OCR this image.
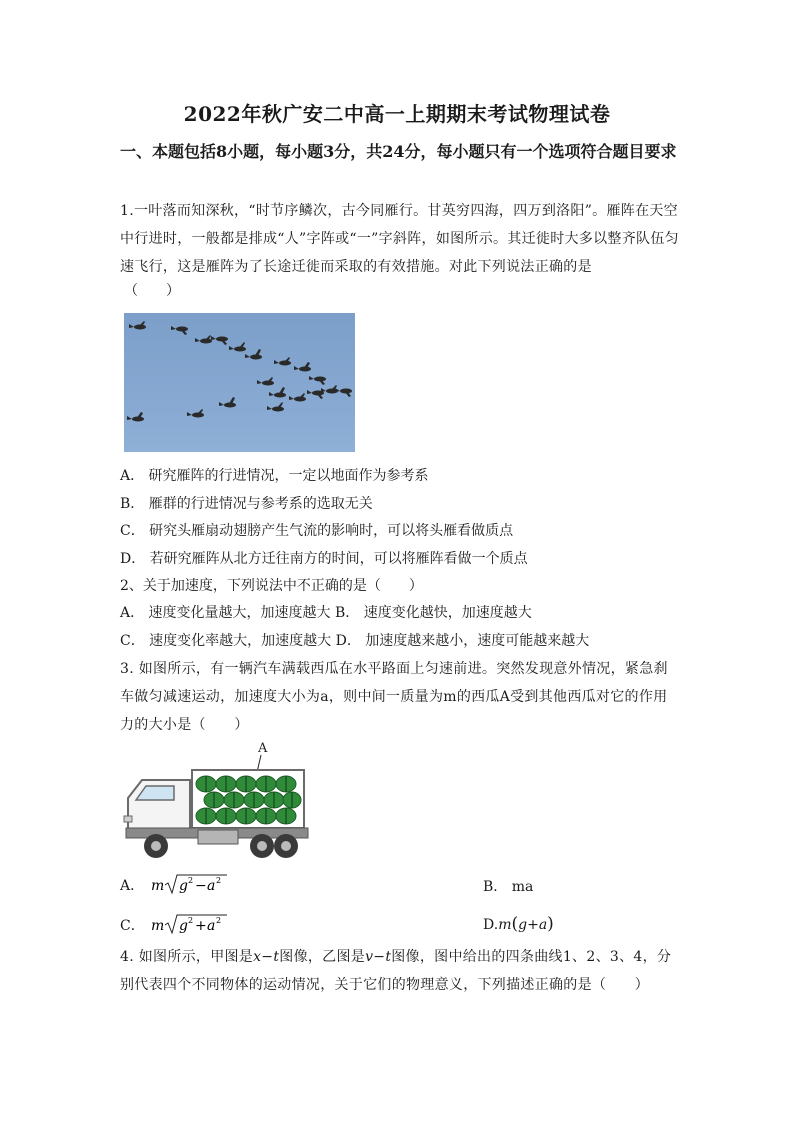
2022年秋广安二中高一上期期末考试物理试卷
一、本题包括8小题，每小题3分，共24分，每小题只有一个选项符合题目要求
1.一叶落而知深秋，“时节序鳞次，古今同雁行。甘英穷四海，四万到洛阳”。雁阵在天空中行进时，一般都是排成“人”字阵或“一”字斜阵，如图所示。其迁徙时大多以整齐队伍匀速飞行，这是雁阵为了长途迁徙而采取的有效措施。对此下列说法正确的是
（　　）
A． 研究雁阵的行进情况，一定以地面作为参考系
B． 雁群的行进情况与参考系的选取无关
C． 研究头雁扇动翅膀产生气流的影响时，可以将头雁看做质点
D． 若研究雁阵从北方迁往南方的时间，可以将雁阵看做一个质点
2、关于加速度，下列说法中不正确的是（　　）
A． 速度变化量越大，加速度越大 B． 速度变化越快，加速度越大
C． 速度变化率越大，加速度越大 D． 加速度越来越小，速度可能越来越大
3. 如图所示，有一辆汽车满载西瓜在水平路面上匀速前进。突然发现意外情况，紧急刹车做匀减速运动，加速度大小为a，则中间一质量为m的西瓜A受到其他西瓜对它的作用力的大小是（　　）
A
A． m g 2 − a 2	B． ma
C． m g 2 + a 2	D.m(g+a)
4. 如图所示，甲图是x−t图像，乙图是v−t图像，图中给出的四条曲线1、2、3、4，分别代表四个不同物体的运动情况，关于它们的物理意义，下列描述正确的是（　　）
